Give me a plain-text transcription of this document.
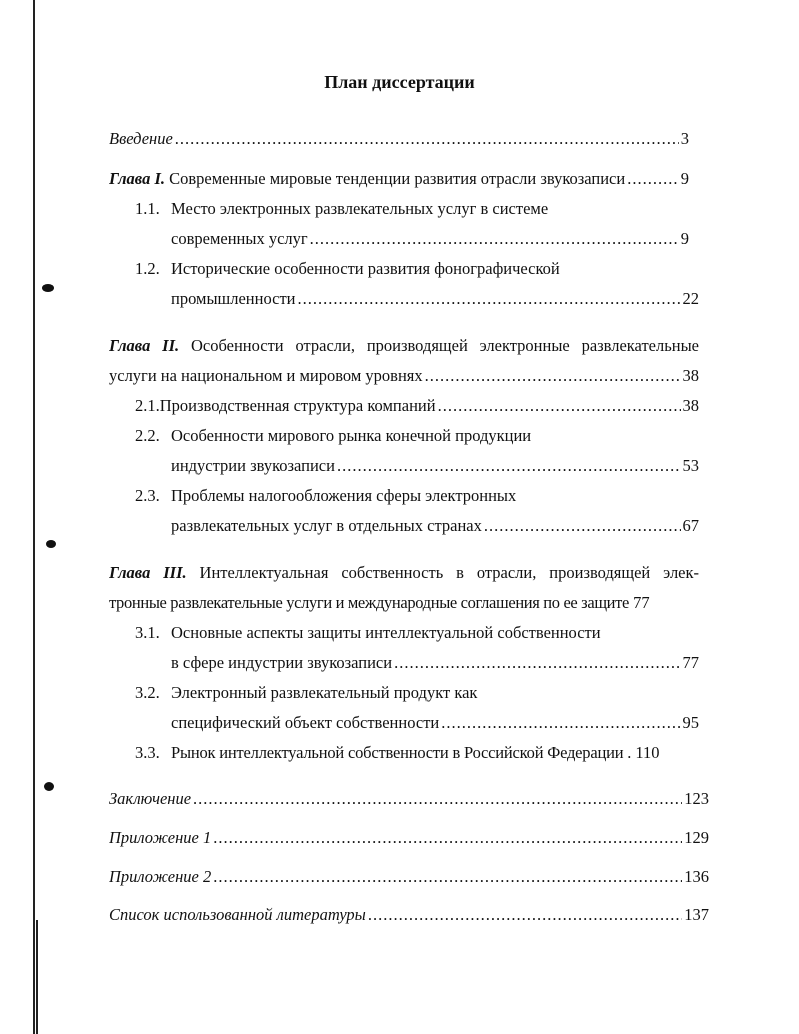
План диссертации
Введение .....	3
Глава I.
Современные мировые тенденции развития отрасли звукозаписи .....	9
1.1. Место электронных развлекательных услуг в системе
современных услуг .....	9
1.2. Исторические особенности развития фонографической
промышленности .....	22
Глава II. Особенности отрасли, производящей электронные развлекательные
услуги на национальном и мировом уровнях .....	38
2.1. Производственная структура компаний .....	38
2.2. Особенности мирового рынка конечной продукции
индустрии звукозаписи .....	53
2.3. Проблемы налогообложения сферы электронных
развлекательных услуг в отдельных странах .....	67
Глава III. Интеллектуальная собственность в отрасли, производящей элек-
тронные развлекательные услуги и международные соглашения по ее защите
77
3.1. Основные аспекты защиты интеллектуальной собственности
в сфере индустрии звукозаписи .....	77
3.2. Электронный развлекательный продукт как
специфический объект собственности .....	95
3.3. Рынок интеллектуальной собственности в Российской Федерации .
110
Заключение .....	123
Приложение 1 .....	129
Приложение 2 .....	136
Список использованной литературы .....	137
